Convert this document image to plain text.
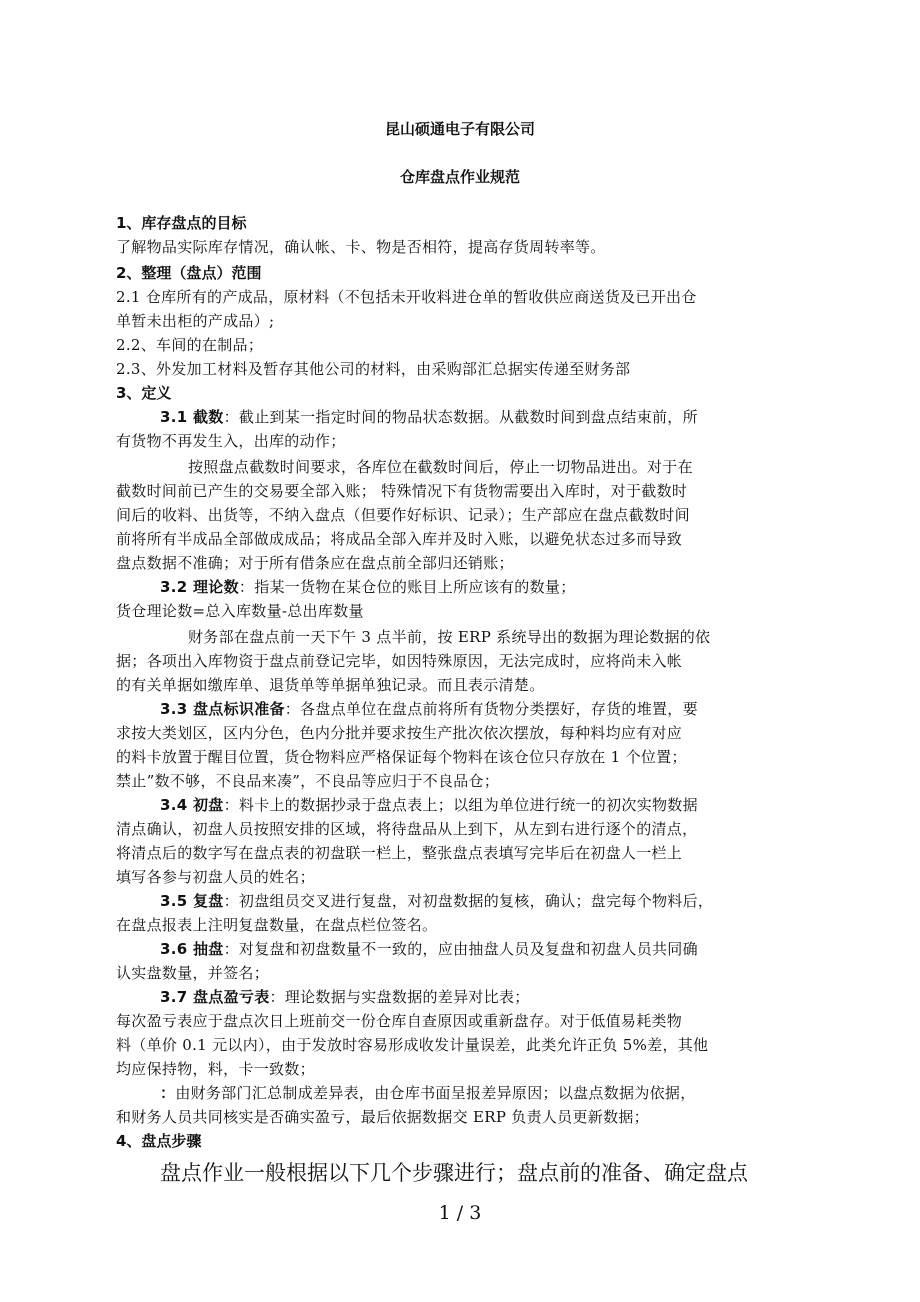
昆山硕通电子有限公司
仓库盘点作业规范
1、库存盘点的目标
了解物品实际库存情况，确认帐、卡、物是否相符，提高存货周转率等。
2、整理（盘点）范围
2.1 仓库所有的产成品，原材料（不包括未开收料进仓单的暂收供应商送货及已开出仓
单暂未出柜的产成品）;
2.2、车间的在制品；
2.3、外发加工材料及暂存其他公司的材料，由采购部汇总据实传递至财务部
3、定义
3.1 截数：截止到某一指定时间的物品状态数据。从截数时间到盘点结束前，所
有货物不再发生入，出库的动作；
按照盘点截数时间要求，各库位在截数时间后，停止一切物品进出。对于在
截数时间前已产生的交易要全部入账； 特殊情况下有货物需要出入库时，对于截数时
间后的收料、出货等，不纳入盘点（但要作好标识、记录）；生产部应在盘点截数时间
前将所有半成品全部做成成品；将成品全部入库并及时入账，以避免状态过多而导致
盘点数据不准确；对于所有借条应在盘点前全部归还销账；
3.2 理论数：指某一货物在某仓位的账目上所应该有的数量；
货仓理论数=总入库数量-总出库数量
财务部在盘点前一天下午 3 点半前，按 ERP 系统导出的数据为理论数据的依
据；各项出入库物资于盘点前登记完毕，如因特殊原因，无法完成时，应将尚未入帐
的有关单据如缴库单、退货单等单据单独记录。而且表示清楚。
3.3 盘点标识准备：各盘点单位在盘点前将所有货物分类摆好，存货的堆置，要
求按大类划区，区内分色，色内分批并要求按生产批次依次摆放，每种料均应有对应
的料卡放置于醒目位置，货仓物料应严格保证每个物料在该仓位只存放在 1 个位置；
禁止”数不够，不良品来凑”，不良品等应归于不良品仓；
3.4 初盘：料卡上的数据抄录于盘点表上；以组为单位进行统一的初次实物数据
清点确认，初盘人员按照安排的区域，将待盘品从上到下，从左到右进行逐个的清点，
将清点后的数字写在盘点表的初盘联一栏上，整张盘点表填写完毕后在初盘人一栏上
填写各参与初盘人员的姓名；
3.5 复盘：初盘组员交叉进行复盘，对初盘数据的复核，确认；盘完每个物料后，
在盘点报表上注明复盘数量，在盘点栏位签名。
3.6 抽盘：对复盘和初盘数量不一致的，应由抽盘人员及复盘和初盘人员共同确
认实盘数量，并签名；
3.7 盘点盈亏表：理论数据与实盘数据的差异对比表；
每次盈亏表应于盘点次日上班前交一份仓库自查原因或重新盘存。对于低值易耗类物
料（单价 0.1 元以内），由于发放时容易形成收发计量误差，此类允许正负 5%差，其他
均应保持物，料，卡一致数；
：由财务部门汇总制成差异表，由仓库书面呈报差异原因；以盘点数据为依据，
和财务人员共同核实是否确实盈亏，最后依据数据交 ERP 负责人员更新数据；
4、盘点步骤
盘点作业一般根据以下几个步骤进行；盘点前的准备、确定盘点
1 / 3
